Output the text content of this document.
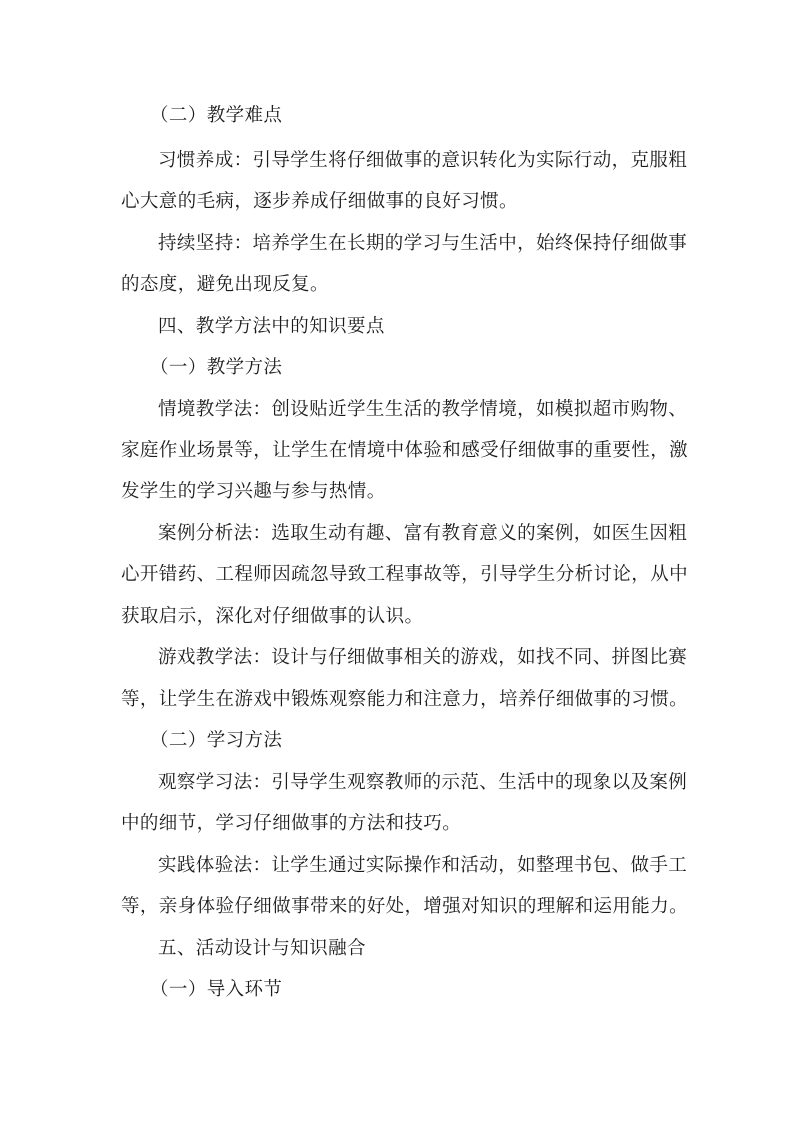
（二）教学难点
习惯养成：引导学生将仔细做事的意识转化为实际行动，克服粗
心大意的毛病，逐步养成仔细做事的良好习惯。
持续坚持：培养学生在长期的学习与生活中，始终保持仔细做事
的态度，避免出现反复。
四、教学方法中的知识要点
（一）教学方法
情境教学法：创设贴近学生生活的教学情境，如模拟超市购物、
家庭作业场景等，让学生在情境中体验和感受仔细做事的重要性，激
发学生的学习兴趣与参与热情。
案例分析法：选取生动有趣、富有教育意义的案例，如医生因粗
心开错药、工程师因疏忽导致工程事故等，引导学生分析讨论，从中
获取启示，深化对仔细做事的认识。
游戏教学法：设计与仔细做事相关的游戏，如找不同、拼图比赛
等，让学生在游戏中锻炼观察能力和注意力，培养仔细做事的习惯。
（二）学习方法
观察学习法：引导学生观察教师的示范、生活中的现象以及案例
中的细节，学习仔细做事的方法和技巧。
实践体验法：让学生通过实际操作和活动，如整理书包、做手工
等，亲身体验仔细做事带来的好处，增强对知识的理解和运用能力。
五、活动设计与知识融合
（一）导入环节
